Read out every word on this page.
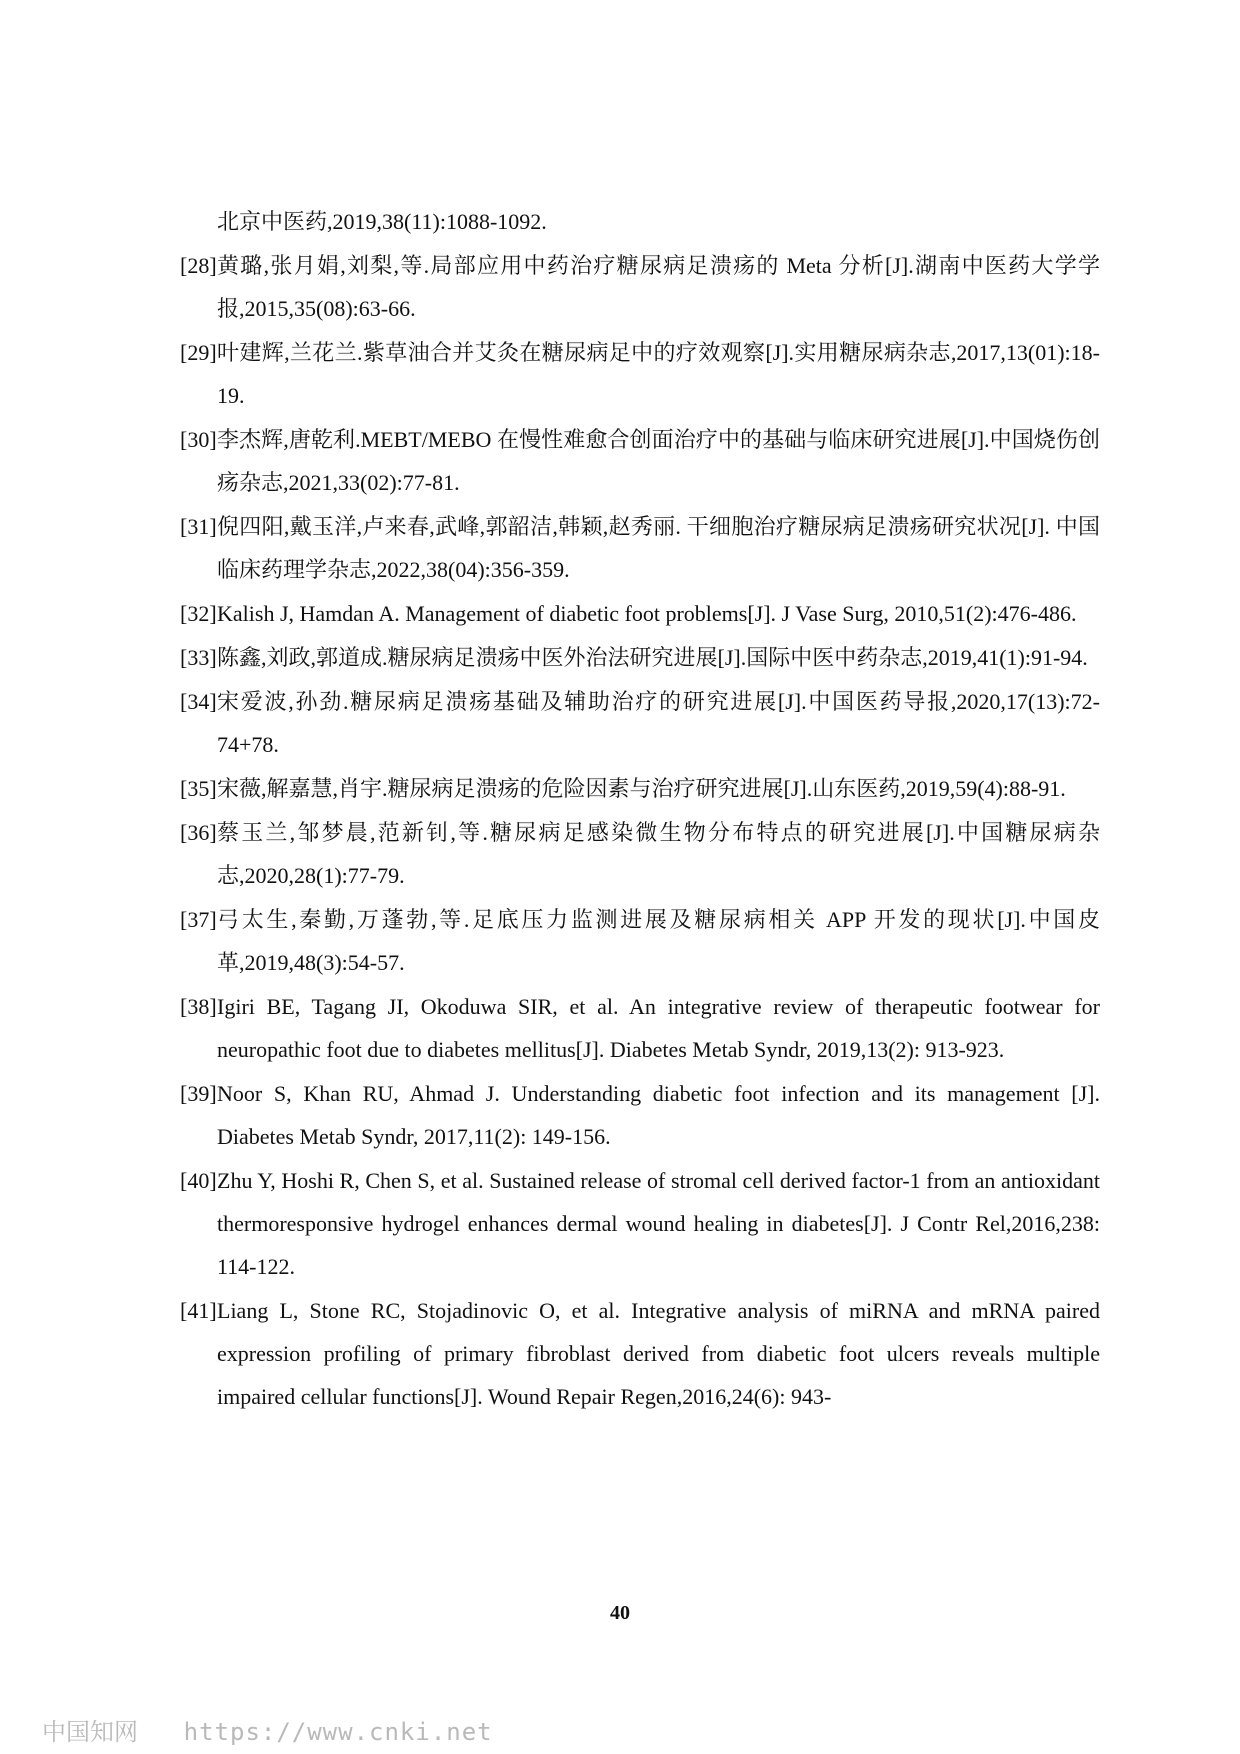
北京中医药,2019,38(11):1088-1092.
[28] 黄璐,张月娟,刘梨,等.局部应用中药治疗糖尿病足溃疡的 Meta 分析[J].湖南中医药大学学报,2015,35(08):63-66.
[29] 叶建辉,兰花兰.紫草油合并艾灸在糖尿病足中的疗效观察[J].实用糖尿病杂志,2017,13(01):18-19.
[30] 李杰辉,唐乾利.MEBT/MEBO 在慢性难愈合创面治疗中的基础与临床研究进展[J].中国烧伤创疡杂志,2021,33(02):77-81.
[31] 倪四阳,戴玉洋,卢来春,武峰,郭韶洁,韩颖,赵秀丽. 干细胞治疗糖尿病足溃疡研究状况[J]. 中国临床药理学杂志,2022,38(04):356-359.
[32] Kalish J, Hamdan A. Management of diabetic foot problems[J]. J Vase Surg, 2010,51(2):476-486.
[33] 陈鑫,刘政,郭道成.糖尿病足溃疡中医外治法研究进展[J].国际中医中药杂志,2019,41(1):91-94.
[34] 宋爱波,孙劲.糖尿病足溃疡基础及辅助治疗的研究进展[J].中国医药导报,2020,17(13):72-74+78.
[35] 宋薇,解嘉慧,肖宇.糖尿病足溃疡的危险因素与治疗研究进展[J].山东医药,2019,59(4):88-91.
[36] 蔡玉兰,邹梦晨,范新钊,等.糖尿病足感染微生物分布特点的研究进展[J].中国糖尿病杂志,2020,28(1):77-79.
[37] 弓太生,秦勤,万蓬勃,等.足底压力监测进展及糖尿病相关 APP 开发的现状[J].中国皮革,2019,48(3):54-57.
[38] Igiri BE, Tagang JI, Okoduwa SIR, et al. An integrative review of therapeutic footwear for neuropathic foot due to diabetes mellitus[J]. Diabetes Metab Syndr, 2019,13(2): 913-923.
[39] Noor S, Khan RU, Ahmad J. Understanding diabetic foot infection and its management [J]. Diabetes Metab Syndr, 2017,11(2): 149-156.
[40] Zhu Y, Hoshi R, Chen S, et al. Sustained release of stromal cell derived factor-1 from an antioxidant thermoresponsive hydrogel enhances dermal wound healing in diabetes[J]. J Contr Rel,2016,238: 114-122.
[41] Liang L, Stone RC, Stojadinovic O, et al. Integrative analysis of miRNA and mRNA paired expression profiling of primary fibroblast derived from diabetic foot ulcers reveals multiple impaired cellular functions[J]. Wound Repair Regen,2016,24(6): 943-
40
中国知网 https://www.cnki.net
